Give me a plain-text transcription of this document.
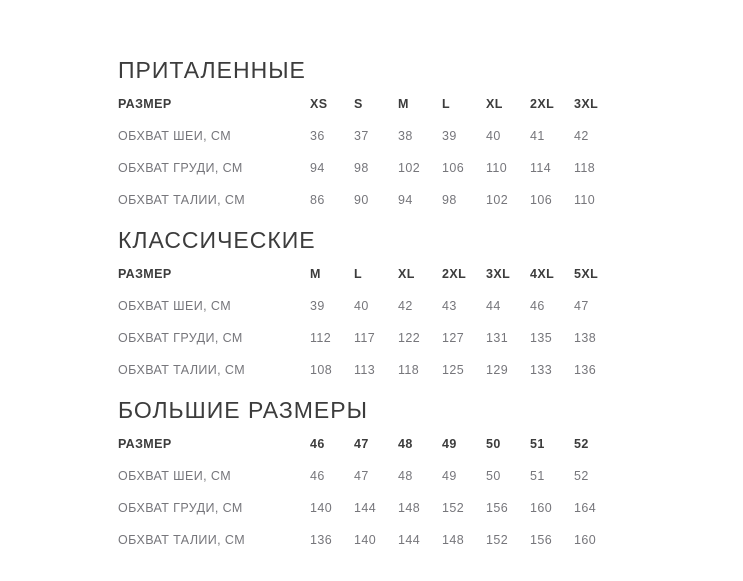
ПРИТАЛЕННЫЕ
РАЗМЕР	XS	S	M	L	XL	2XL	3XL
ОБХВАТ ШЕИ, СМ	36	37	38	39	40	41	42
ОБХВАТ ГРУДИ, СМ	94	98	102	106	110	114	118
ОБХВАТ ТАЛИИ, СМ	86	90	94	98	102	106	110
КЛАССИЧЕСКИЕ
РАЗМЕР	M	L	XL	2XL	3XL	4XL	5XL
ОБХВАТ ШЕИ, СМ	39	40	42	43	44	46	47
ОБХВАТ ГРУДИ, СМ	112	117	122	127	131	135	138
ОБХВАТ ТАЛИИ, СМ	108	113	118	125	129	133	136
БОЛЬШИЕ РАЗМЕРЫ
РАЗМЕР	46	47	48	49	50	51	52
ОБХВАТ ШЕИ, СМ	46	47	48	49	50	51	52
ОБХВАТ ГРУДИ, СМ	140	144	148	152	156	160	164
ОБХВАТ ТАЛИИ, СМ	136	140	144	148	152	156	160
